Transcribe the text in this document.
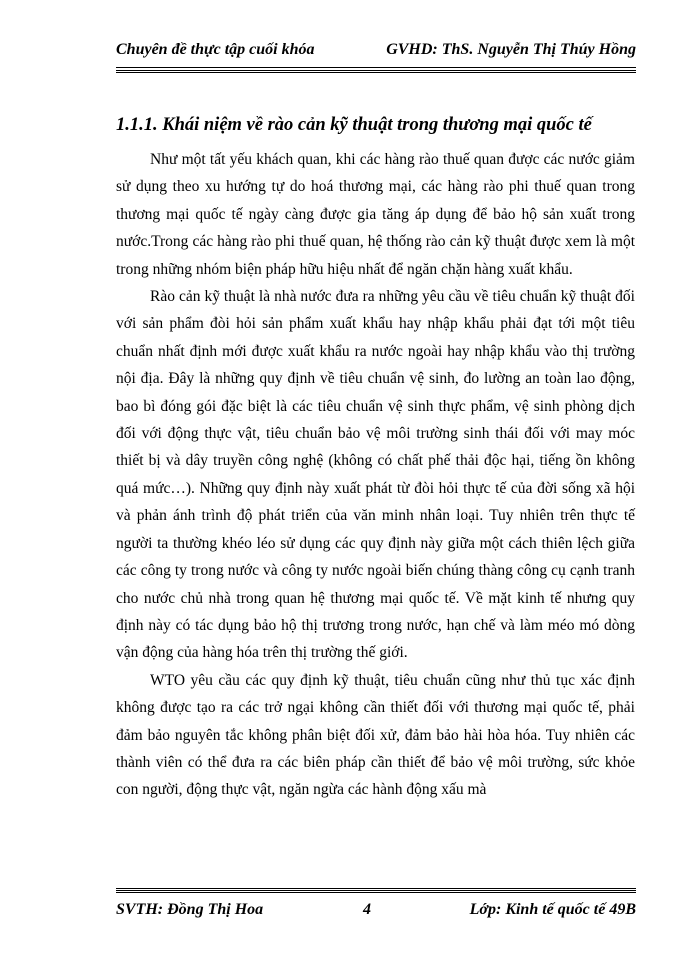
Chuyên đề thực tập cuối khóa	GVHD: ThS. Nguyễn Thị Thúy Hồng
1.1.1. Khái niệm về rào cản kỹ thuật trong thương mại quốc tế

Như một tất yếu khách quan, khi các hàng rào thuế quan được các nước giảm sử dụng theo xu hướng tự do hoá thương mại, các hàng rào phi thuế quan trong thương mại quốc tế ngày càng được gia tăng áp dụng để bảo hộ sản xuất trong nước.Trong các hàng rào phi thuế quan, hệ thống rào cản kỹ thuật được xem là một trong những nhóm biện pháp hữu hiệu nhất để ngăn chặn hàng xuất khẩu.

Rào cản kỹ thuật là nhà nước đưa ra những yêu cầu về tiêu chuẩn kỹ thuật đối với sản phẩm đòi hỏi sản phẩm xuất khẩu hay nhập khẩu phải đạt tới một tiêu chuẩn nhất định mới được xuất khẩu ra nước ngoài hay nhập khẩu vào thị trường nội địa. Đây là những quy định về tiêu chuẩn vệ sinh, đo lường an toàn lao động, bao bì đóng gói đặc biệt là các tiêu chuẩn vệ sinh thực phẩm, vệ sinh phòng dịch đối với động thực vật, tiêu chuẩn bảo vệ môi trường sinh thái đối với may móc thiết bị và dây truyền công nghệ (không có chất phế thải độc hại, tiếng ồn không quá mức…). Những quy định này xuất phát từ đòi hỏi thực tế của đời sống xã hội và phản ánh trình độ phát triển của văn minh nhân loại. Tuy nhiên trên thực tế người ta thường khéo léo sử dụng các quy định này giữa một cách thiên lệch giữa các công ty trong nước và công ty nước ngoài biến chúng thàng công cụ cạnh tranh cho nước chủ nhà trong quan hệ thương mại quốc tế. Về mặt kinh tế nhưng quy định này có tác dụng bảo hộ thị trương trong nước, hạn chế và làm méo mó dòng vận động của hàng hóa trên thị trường thế giới.

WTO yêu cầu các quy định kỹ thuật, tiêu chuẩn cũng như thủ tục xác định không được tạo ra các trở ngại không cần thiết đối với thương mại quốc tế, phải đảm bảo nguyên tắc không phân biệt đối xử, đảm bảo hài hòa hóa. Tuy nhiên các thành viên có thể đưa ra các biên pháp cần thiết để bảo vệ môi trường, sức khỏe con người, động thực vật, ngăn ngừa các hành động xấu mà

SVTH: Đồng Thị Hoa	4	Lớp: Kinh tế quốc tế 49B
